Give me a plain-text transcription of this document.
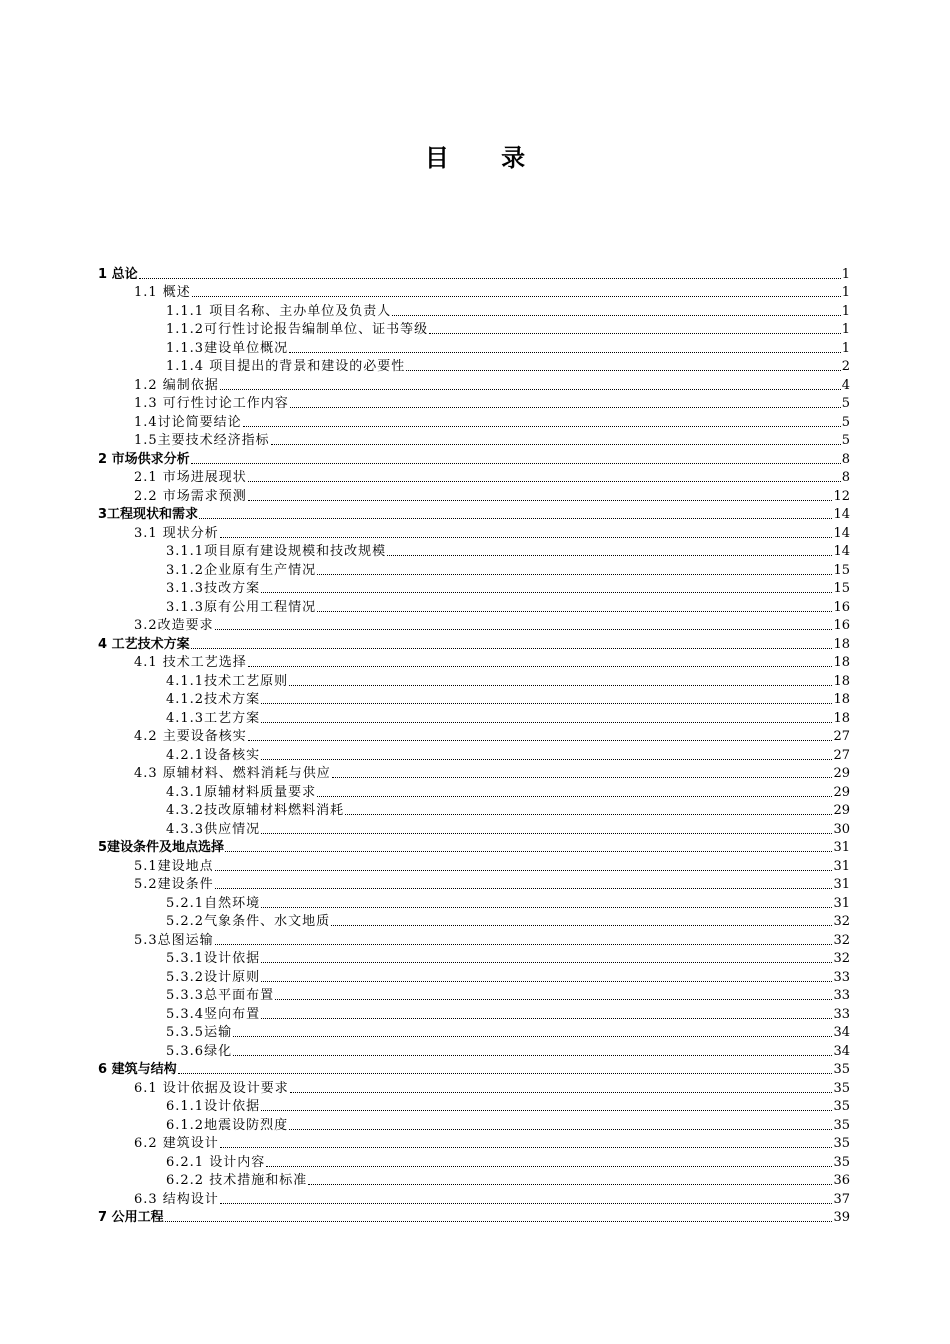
目 录
1 总论	1
1.1 概述	1
1.1.1 项目名称、主办单位及负责人	1
1.1.2可行性讨论报告编制单位、证书等级	1
1.1.3建设单位概况	1
1.1.4 项目提出的背景和建设的必要性	2
1.2 编制依据	4
1.3 可行性讨论工作内容	5
1.4讨论简要结论	5
1.5主要技术经济指标	5
2 市场供求分析	8
2.1 市场进展现状	8
2.2 市场需求预测	12
3工程现状和需求	14
3.1 现状分析	14
3.1.1项目原有建设规模和技改规模	14
3.1.2企业原有生产情况	15
3.1.3技改方案	15
3.1.3原有公用工程情况	16
3.2改造要求	16
4 工艺技术方案	18
4.1 技术工艺选择	18
4.1.1技术工艺原则	18
4.1.2技术方案	18
4.1.3工艺方案	18
4.2 主要设备核实	27
4.2.1设备核实	27
4.3 原辅材料、燃料消耗与供应	29
4.3.1原辅材料质量要求	29
4.3.2技改原辅材料燃料消耗	29
4.3.3供应情况	30
5建设条件及地点选择	31
5.1建设地点	31
5.2建设条件	31
5.2.1自然环境	31
5.2.2气象条件、水文地质	32
5.3总图运输	32
5.3.1设计依据	32
5.3.2设计原则	33
5.3.3总平面布置	33
5.3.4竖向布置	33
5.3.5运输	34
5.3.6绿化	34
6 建筑与结构	35
6.1 设计依据及设计要求	35
6.1.1设计依据	35
6.1.2地震设防烈度	35
6.2 建筑设计	35
6.2.1 设计内容	35
6.2.2 技术措施和标准	36
6.3 结构设计	37
7 公用工程	39
